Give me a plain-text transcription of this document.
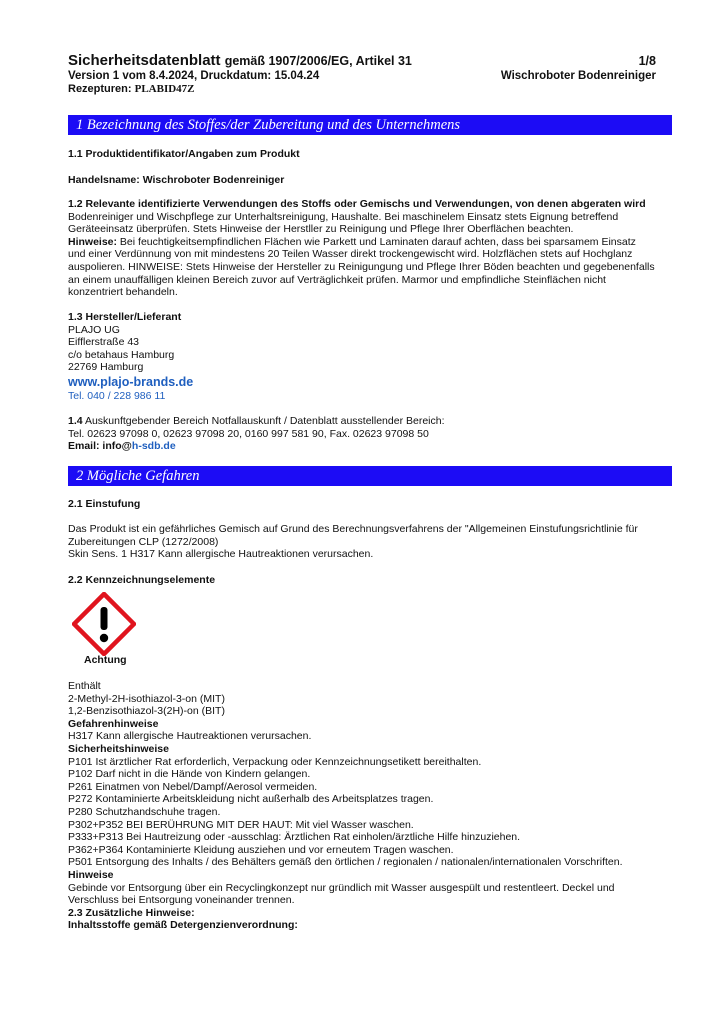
Sicherheitsdatenblatt gemäß 1907/2006/EG, Artikel 31	1/8
Version 1 vom 8.4.2024, Druckdatum: 15.04.24	Wischroboter Bodenreiniger
Rezepturen: PLABID47Z
1 Bezeichnung des Stoffes/der Zubereitung und des Unternehmens
1.1 Produktidentifikator/Angaben zum Produkt
Handelsname: Wischroboter Bodenreiniger
1.2 Relevante identifizierte Verwendungen des Stoffs oder Gemischs und Verwendungen, von denen abgeraten wird Bodenreiniger und Wischpflege zur Unterhaltsreinigung, Haushalte. Bei maschinelem Einsatz stets Eignung betreffend Geräteeinsatz überprüfen. Stets Hinweise der Herstller zu Reinigung und Pflege Ihrer Oberflächen beachten.
Hinweise: Bei feuchtigkeitsempfindlichen Flächen wie Parkett und Laminaten darauf achten, dass bei sparsamem Einsatz und einer Verdünnung von mit mindestens 20 Teilen Wasser direkt trockengewischt wird. Holzflächen stets auf Hochglanz auspolieren. HINWEISE: Stets Hinweise der Hersteller zu Reinigungung und Pflege Ihrer Böden beachten und gegebenenfalls an einem unauffälligen kleinen Bereich zuvor auf Verträglichkeit prüfen. Marmor und empfindliche Steinflächen nicht konzentriert behandeln.
1.3 Hersteller/Lieferant
PLAJO UG
Eifflerstraße 43
c/o betahaus Hamburg
22769 Hamburg
www.plajo-brands.de
Tel. 040 / 228 986 11
1.4 Auskunftgebender Bereich Notfallauskunft / Datenblatt ausstellender Bereich:
Tel. 02623 97098 0, 02623 97098 20, 0160 997 581 90, Fax. 02623 97098 50
Email: info@h-sdb.de
2 Mögliche Gefahren
2.1 Einstufung
Das Produkt ist ein gefährliches Gemisch auf Grund des Berechnungsverfahrens der "Allgemeinen Einstufungsrichtlinie für Zubereitungen CLP (1272/2008)
Skin Sens. 1 H317 Kann allergische Hautreaktionen verursachen.
2.2 Kennzeichnungselemente
Achtung
Enthält
2-Methyl-2H-isothiazol-3-on (MIT)
1,2-Benzisothiazol-3(2H)-on (BIT)
Gefahrenhinweise
H317 Kann allergische Hautreaktionen verursachen.
Sicherheitshinweise
P101 Ist ärztlicher Rat erforderlich, Verpackung oder Kennzeichnungsetikett bereithalten.
P102 Darf nicht in die Hände von Kindern gelangen.
P261 Einatmen von Nebel/Dampf/Aerosol vermeiden.
P272 Kontaminierte Arbeitskleidung nicht außerhalb des Arbeitsplatzes tragen.
P280 Schutzhandschuhe tragen.
P302+P352 BEI BERÜHRUNG MIT DER HAUT: Mit viel Wasser waschen.
P333+P313 Bei Hautreizung oder -ausschlag: Ärztlichen Rat einholen/ärztliche Hilfe hinzuziehen.
P362+P364 Kontaminierte Kleidung ausziehen und vor erneutem Tragen waschen.
P501 Entsorgung des Inhalts / des Behälters gemäß den örtlichen / regionalen / nationalen/internationalen Vorschriften.
Hinweise
Gebinde vor Entsorgung über ein Recyclingkonzept nur gründlich mit Wasser ausgespült und restentleert. Deckel und Verschluss bei Entsorgung voneinander trennen.
2.3 Zusätzliche Hinweise:
Inhaltsstoffe gemäß Detergenzienverordnung:
